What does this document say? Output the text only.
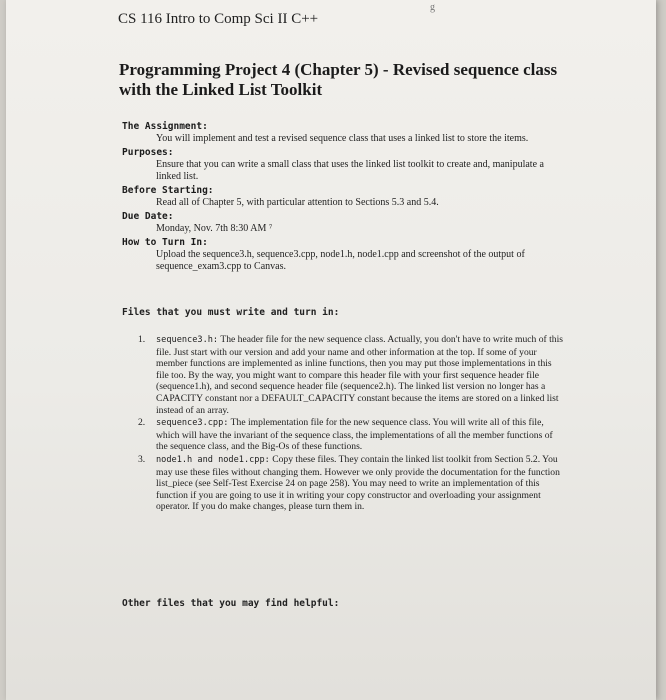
g
CS 116 Intro to Comp Sci II C++
Programming Project 4 (Chapter 5) - Revised sequence class with the Linked List Toolkit
The Assignment:
You will implement and test a revised sequence class that uses a linked list to store the items.
Purposes:
Ensure that you can write a small class that uses the linked list toolkit to create and, manipulate a linked list.
Before Starting:
Read all of Chapter 5, with particular attention to Sections 5.3 and 5.4.
Due Date:
Monday, Nov. 7th 8:30 AM ⁷
How to Turn In:
Upload the sequence3.h, sequence3.cpp, node1.h, node1.cpp and screenshot of the output of sequence_exam3.cpp to Canvas.
Files that you must write and turn in:
1. sequence3.h: The header file for the new sequence class. Actually, you don't have to write much of this file. Just start with our version and add your name and other information at the top. If some of your member functions are implemented as inline functions, then you may put those implementations in this file too. By the way, you might want to compare this header file with your first sequence header file (sequence1.h), and second sequence header file (sequence2.h). The linked list version no longer has a CAPACITY constant nor a DEFAULT_CAPACITY constant because the items are stored on a linked list instead of an array.
2. sequence3.cpp: The implementation file for the new sequence class. You will write all of this file, which will have the invariant of the sequence class, the implementations of all the member functions of the sequence class, and the Big-Os of these functions.
3. node1.h and node1.cpp: Copy these files. They contain the linked list toolkit from Section 5.2. You may use these files without changing them. However we only provide the documentation for the function list_piece (see Self-Test Exercise 24 on page 258). You may need to write an implementation of this function if you are going to use it in writing your copy constructor and overloading your assignment operator. If you do make changes, please turn them in.
Other files that you may find helpful:
